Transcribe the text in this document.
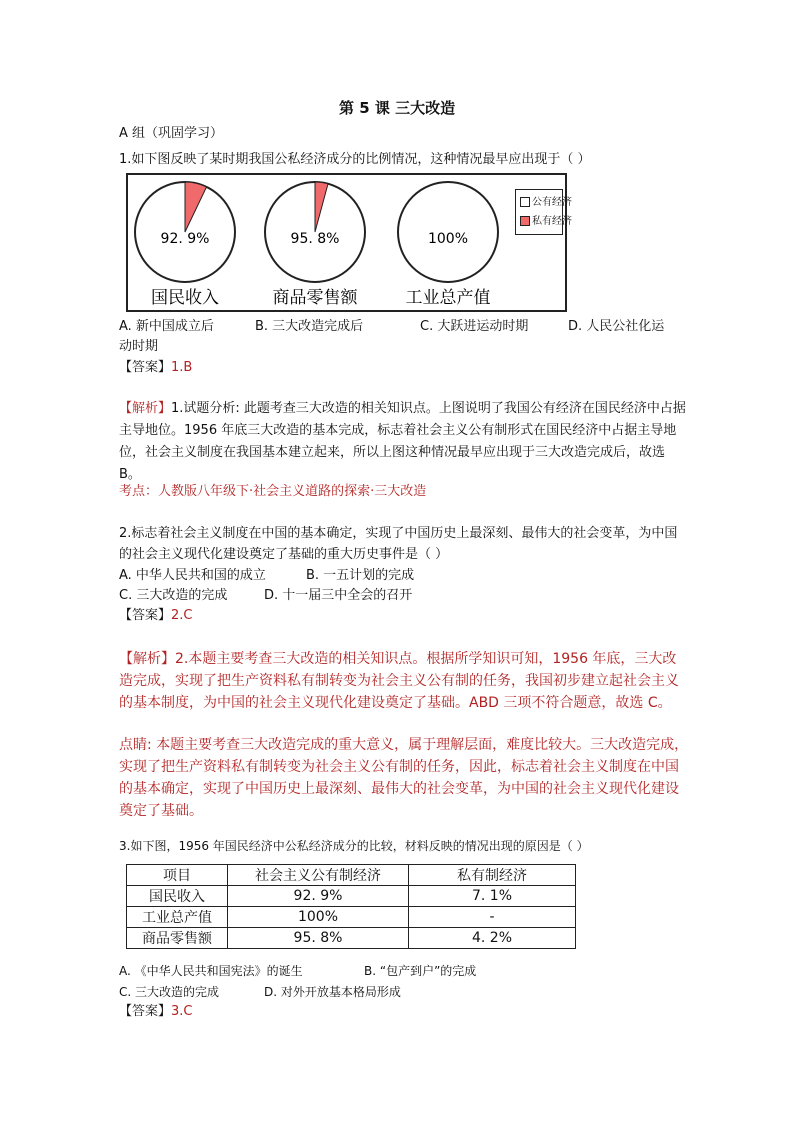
第 5 课 三大改造
A 组（巩固学习）
1.如下图反映了某时期我国公私经济成分的比例情况，这种情况最早应出现于（ ）
92. 9%	95. 8%	100%
国民收入	商品零售额	工业总产值
公有经济
私有经济
A. 新中国成立后	B. 三大改造完成后	C. 大跃进运动时期	D. 人民公社化运
动时期
【答案】1.B
【解析】1.试题分析: 此题考查三大改造的相关知识点。上图说明了我国公有经济在国民经济中占据主导地位。1956 年底三大改造的基本完成，标志着社会主义公有制形式在国民经济中占据主导地位，社会主义制度在我国基本建立起来，所以上图这种情况最早应出现于三大改造完成后，故选 B。
考点：人教版八年级下·社会主义道路的探索·三大改造
2.标志着社会主义制度在中国的基本确定，实现了中国历史上最深刻、最伟大的社会变革，为中国的社会主义现代化建设奠定了基础的重大历史事件是（ ）
A. 中华人民共和国的成立	B. 一五计划的完成
C. 三大改造的完成	D. 十一届三中全会的召开
【答案】2.C
【解析】2.本题主要考查三大改造的相关知识点。根据所学知识可知，1956 年底，三大改造完成，实现了把生产资料私有制转变为社会主义公有制的任务，我国初步建立起社会主义的基本制度，为中国的社会主义现代化建设奠定了基础。ABD 三项不符合题意，故选 C。
点睛: 本题主要考查三大改造完成的重大意义，属于理解层面，难度比较大。三大改造完成，实现了把生产资料私有制转变为社会主义公有制的任务，因此，标志着社会主义制度在中国的基本确定，实现了中国历史上最深刻、最伟大的社会变革，为中国的社会主义现代化建设奠定了基础。
3.如下图，1956 年国民经济中公私经济成分的比较，材料反映的情况出现的原因是（ ）
项目	社会主义公有制经济	私有制经济
国民收入	92. 9%	7. 1%
工业总产值	100%	-
商品零售额	95. 8%	4. 2%
A. 《中华人民共和国宪法》的诞生	B. “包产到户”的完成
C. 三大改造的完成	D. 对外开放基本格局形成
【答案】3.C
